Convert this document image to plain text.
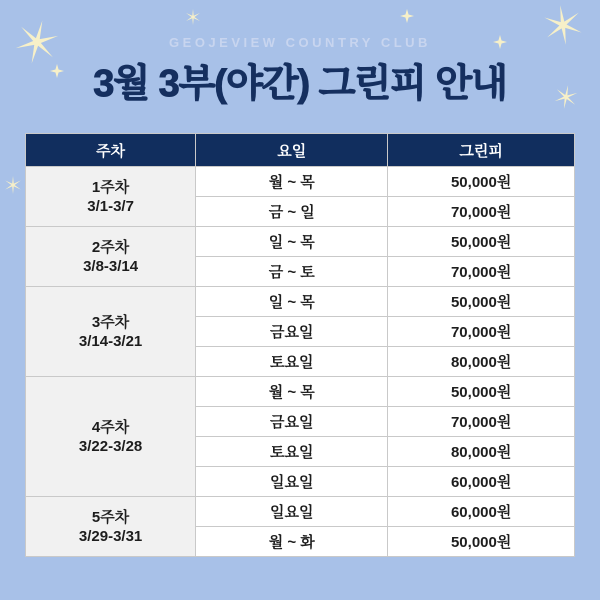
GEOJEVIEW COUNTRY CLUB
3월 3부(야간) 그린피 안내
주차	요일	그린피

1주차
3/1-3/7	월 ~ 목	50,000원
	금 ~ 일	70,000원

2주차
3/8-3/14	일 ~ 목	50,000원
	금 ~ 토	70,000원

3주차
3/14-3/21	일 ~ 목	50,000원
	금요일	70,000원
	토요일	80,000원

4주차
3/22-3/28	월 ~ 목	50,000원
	금요일	70,000원
	토요일	80,000원
	일요일	60,000원

5주차
3/29-3/31	일요일	60,000원
	월 ~ 화	50,000원
